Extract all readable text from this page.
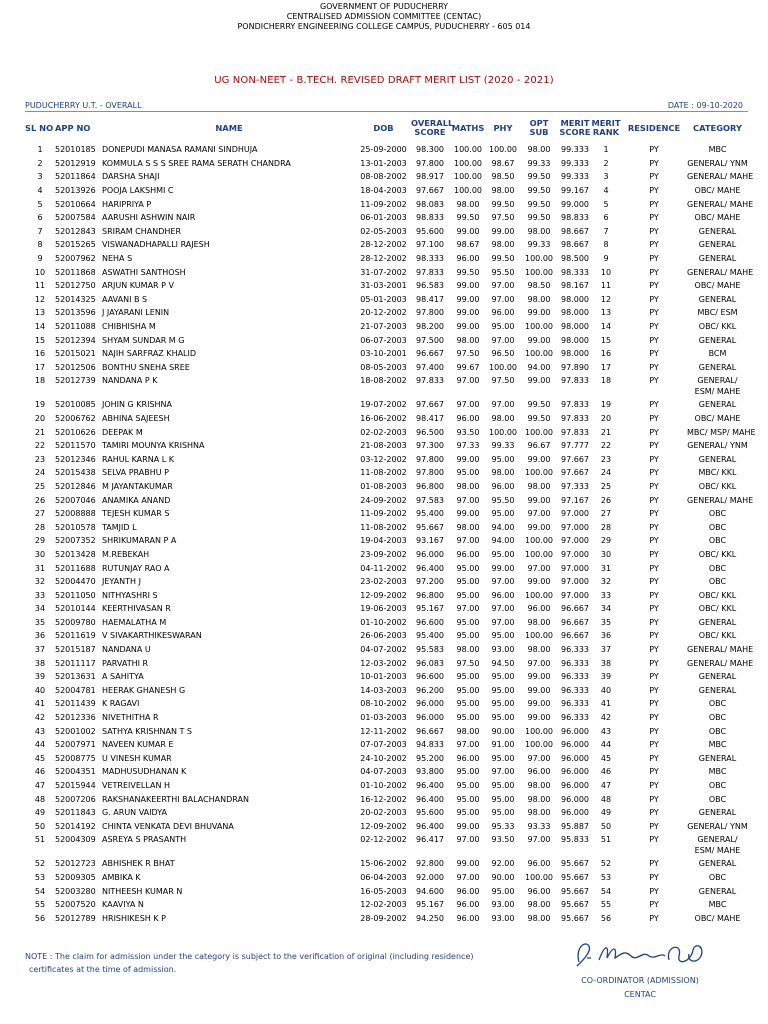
GOVERNMENT OF PUDUCHERRY
CENTRALISED ADMISSION COMMITTEE (CENTAC)
PONDICHERRY ENGINEERING COLLEGE CAMPUS, PUDUCHERRY - 605 014
UG NON-NEET - B.TECH. REVISED DRAFT MERIT LIST (2020 - 2021)
PUDUCHERRY U.T. - OVERALL	DATE : 09-10-2020
SL NO	APP NO	NAME	DOB	OVERALL
SCORE	MATHS	PHY	OPT SUB	MERIT
SCORE	MERIT
RANK	RESIDENCE	CATEGORY
1	52010185	DONEPUDI MANASA RAMANI SINDHUJA	25-09-2000	98.300	100.00	100.00	98.00	99.333	1	PY	MBC
2	52012919	KOMMULA S S S SREE RAMA SERATH CHANDRA	13-01-2003	97.800	100.00	98.67	99.33	99.333	2	PY	GENERAL/ YNM
3	52011864	DARSHA SHAJI	08-08-2002	98.917	100.00	98.50	99.50	99.333	3	PY	GENERAL/ MAHE
4	52013926	POOJA LAKSHMI C	18-04-2003	97.667	100.00	98.00	99.50	99.167	4	PY	OBC/ MAHE
5	52010664	HARIPRIYA P	11-09-2002	98.083	98.00	99.50	99.50	99.000	5	PY	GENERAL/ MAHE
6	52007584	AARUSHI ASHWIN NAIR	06-01-2003	98.833	99.50	97.50	99.50	98.833	6	PY	OBC/ MAHE
7	52012843	SRIRAM CHANDHER	02-05-2003	95.600	99.00	99.00	98.00	98.667	7	PY	GENERAL
8	52015265	VISWANADHAPALLI RAJESH	28-12-2002	97.100	98.67	98.00	99.33	98.667	8	PY	GENERAL
9	52007962	NEHA S	28-12-2002	98.333	96.00	99.50	100.00	98.500	9	PY	GENERAL
10	52011868	ASWATHI SANTHOSH	31-07-2002	97.833	99.50	95.50	100.00	98.333	10	PY	GENERAL/ MAHE
11	52012750	ARJUN KUMAR P V	31-03-2001	96.583	99.00	97.00	98.50	98.167	11	PY	OBC/ MAHE
12	52014325	AAVANI B S	05-01-2003	98.417	99.00	97.00	98.00	98.000	12	PY	GENERAL
13	52013596	J JAYARANI LENIN	20-12-2002	97.800	99.00	96.00	99.00	98.000	13	PY	MBC/ ESM
14	52011088	CHIBHISHA M	21-07-2003	98.200	99.00	95.00	100.00	98.000	14	PY	OBC/ KKL
15	52012394	SHYAM SUNDAR M G	06-07-2003	97.500	98.00	97.00	99.00	98.000	15	PY	GENERAL
16	52015021	NAJIH SARFRAZ KHALID	03-10-2001	96.667	97.50	96.50	100.00	98.000	16	PY	BCM
17	52012506	BONTHU SNEHA SREE	08-05-2003	97.400	99.67	100.00	94.00	97.890	17	PY	GENERAL
18	52012739	NANDANA P K	18-08-2002	97.833	97.00	97.50	99.00	97.833	18	PY	GENERAL/ ESM/ MAHE
19	52010085	JOHIN G KRISHNA	19-07-2002	97.667	97.00	97.00	99.50	97.833	19	PY	GENERAL
20	52006762	ABHINA SAJEESH	16-06-2002	98.417	96.00	98.00	99.50	97.833	20	PY	OBC/ MAHE
21	52010626	DEEPAK M	02-02-2003	96.500	93.50	100.00	100.00	97.833	21	PY	MBC/ MSP/ MAHE
22	52011570	TAMIRI MOUNYA KRISHNA	21-08-2003	97.300	97.33	99.33	96.67	97.777	22	PY	GENERAL/ YNM
23	52012346	RAHUL KARNA L K	03-12-2002	97.800	99.00	95.00	99.00	97.667	23	PY	GENERAL
24	52015438	SELVA PRABHU P	11-08-2002	97.800	95.00	98.00	100.00	97.667	24	PY	MBC/ KKL
25	52012846	M JAYANTAKUMAR	01-08-2003	96.800	98.00	96.00	98.00	97.333	25	PY	OBC/ KKL
26	52007046	ANAMIKA ANAND	24-09-2002	97.583	97.00	95.50	99.00	97.167	26	PY	GENERAL/ MAHE
27	52008888	TEJESH KUMAR S	11-09-2002	95.400	99.00	95.00	97.00	97.000	27	PY	OBC
28	52010578	TAMJID L	11-08-2002	95.667	98.00	94.00	99.00	97.000	28	PY	OBC
29	52007352	SHRIKUMARAN P A	19-04-2003	93.167	97.00	94.00	100.00	97.000	29	PY	OBC
30	52013428	M.REBEKAH	23-09-2002	96.000	96.00	95.00	100.00	97.000	30	PY	OBC/ KKL
31	52011688	RUTUNJAY RAO A	04-11-2002	96.400	95.00	99.00	97.00	97.000	31	PY	OBC
32	52004470	JEYANTH J	23-02-2003	97.200	95.00	97.00	99.00	97.000	32	PY	OBC
33	52011050	NITHYASHRI S	12-09-2002	96.800	95.00	96.00	100.00	97.000	33	PY	OBC/ KKL
34	52010144	KEERTHIVASAN R	19-06-2003	95.167	97.00	97.00	96.00	96.667	34	PY	OBC/ KKL
35	52009780	HAEMALATHA M	01-10-2002	96.600	95.00	97.00	98.00	96.667	35	PY	GENERAL
36	52011619	V SIVAKARTHIKESWARAN	26-06-2003	95.400	95.00	95.00	100.00	96.667	36	PY	OBC/ KKL
37	52015187	NANDANA U	04-07-2002	95.583	98.00	93.00	98.00	96.333	37	PY	GENERAL/ MAHE
38	52011117	PARVATHI R	12-03-2002	96.083	97.50	94.50	97.00	96.333	38	PY	GENERAL/ MAHE
39	52013631	A SAHITYA	10-01-2003	96.600	95.00	95.00	99.00	96.333	39	PY	GENERAL
40	52004781	HEERAK GHANESH G	14-03-2003	96.200	95.00	95.00	99.00	96.333	40	PY	GENERAL
41	52011439	K RAGAVI	08-10-2002	96.000	95.00	95.00	99.00	96.333	41	PY	OBC
42	52012336	NIVETHITHA R	01-03-2003	96.000	95.00	95.00	99.00	96.333	42	PY	OBC
43	52001002	SATHYA KRISHNAN T S	12-11-2002	96.667	98.00	90.00	100.00	96.000	43	PY	OBC
44	52007971	NAVEEN KUMAR E	07-07-2003	94.833	97.00	91.00	100.00	96.000	44	PY	MBC
45	52008775	U VINESH KUMAR	24-10-2002	95.200	96.00	95.00	97.00	96.000	45	PY	GENERAL
46	52004351	MADHUSUDHANAN K	04-07-2003	93.800	95.00	97.00	96.00	96.000	46	PY	MBC
47	52015944	VETREIVELLAN H	01-10-2002	96.400	95.00	95.00	98.00	96.000	47	PY	OBC
48	52007206	RAKSHANAKEERTHI BALACHANDRAN	16-12-2002	96.400	95.00	95.00	98.00	96.000	48	PY	OBC
49	52011843	G. ARUN VAIDYA	20-02-2003	95.600	95.00	95.00	98.00	96.000	49	PY	GENERAL
50	52014192	CHINTA VENKATA DEVI BHUVANA	12-09-2002	96.400	99.00	95.33	93.33	95.887	50	PY	GENERAL/ YNM
51	52004309	ASREYA S PRASANTH	02-12-2002	96.417	97.00	93.50	97.00	95.833	51	PY	GENERAL/ ESM/ MAHE
52	52012723	ABHISHEK R BHAT	15-06-2002	92.800	99.00	92.00	96.00	95.667	52	PY	GENERAL
53	52009305	AMBIKA K	06-04-2003	92.000	97.00	90.00	100.00	95.667	53	PY	OBC
54	52003280	NITHEESH KUMAR N	16-05-2003	94.600	96.00	95.00	96.00	95.667	54	PY	GENERAL
55	52007520	KAAVIYA N	12-02-2003	95.167	96.00	93.00	98.00	95.667	55	PY	MBC
56	52012789	HRISHIKESH K P	28-09-2002	94.250	96.00	93.00	98.00	95.667	56	PY	OBC/ MAHE
NOTE : The claim for admission under the category is subject to the verification of original (including residence)
certificates at the time of admission.
CO-ORDINATOR (ADMISSION)
CENTAC
